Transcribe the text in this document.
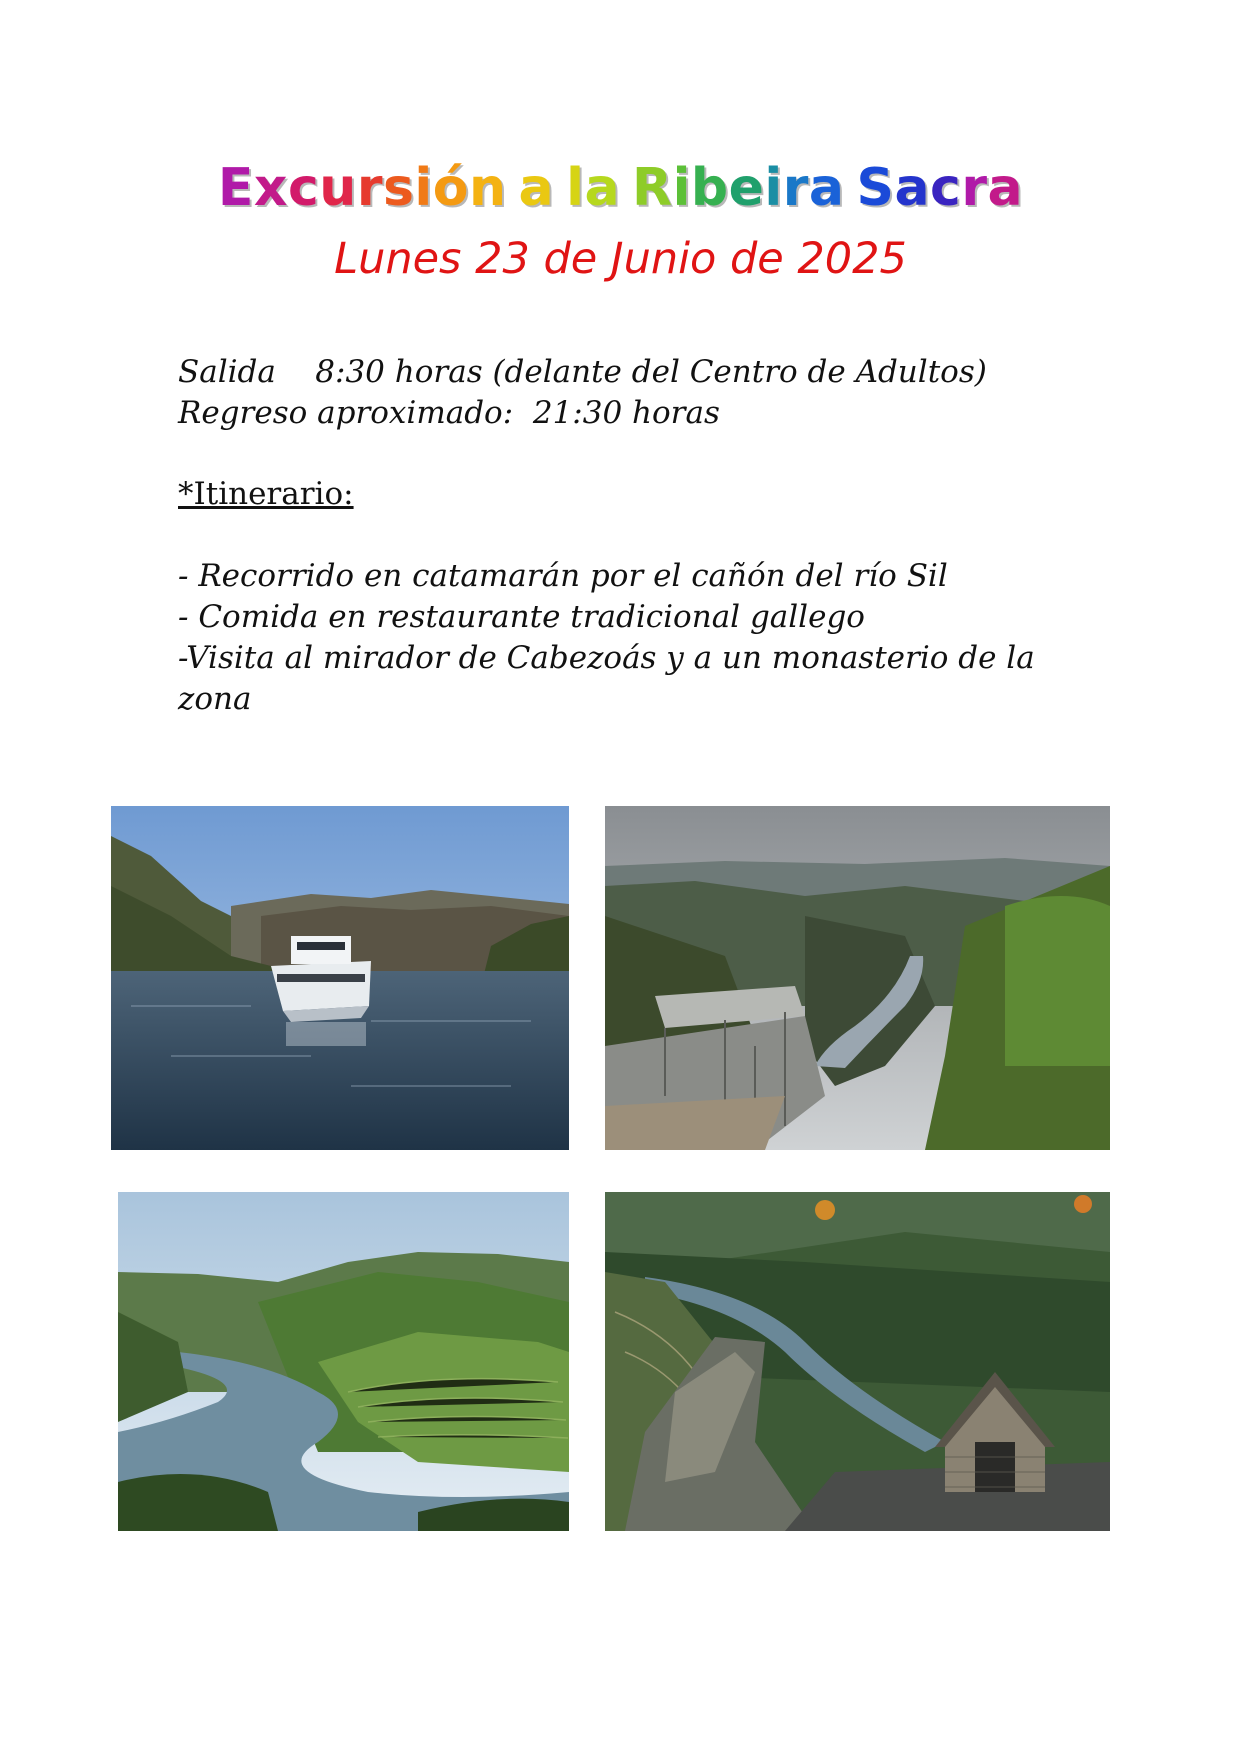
Excursión a la Ribeira Sacra
Lunes 23 de Junio de 2025
Salida    8:30 horas (delante del Centro de Adultos)
Regreso aproximado:  21:30 horas
*Itinerario:
- Recorrido en catamarán por el cañón del río Sil
- Comida en restaurante tradicional gallego
-Visita al mirador de Cabezoás y a un monasterio de la zona
